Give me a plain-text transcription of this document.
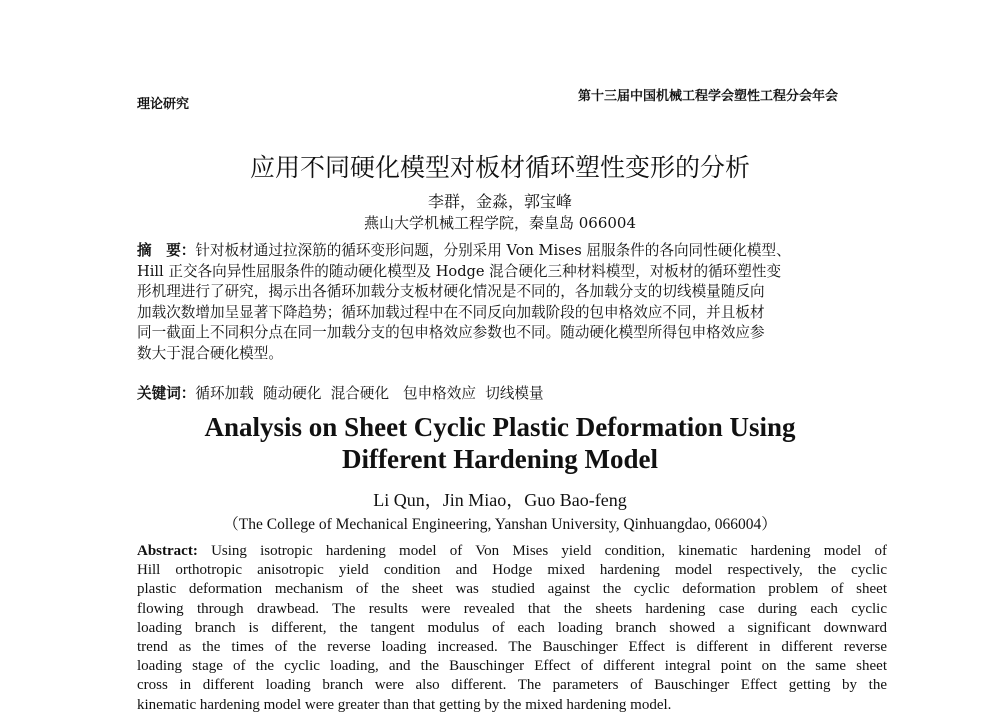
理论研究
第十三届中国机械工程学会塑性工程分会年会
应用不同硬化模型对板材循环塑性变形的分析
李群，金淼，郭宝峰
燕山大学机械工程学院，秦皇岛 066004
摘　要：针对板材通过拉深筋的循环变形问题，分别采用 Von Mises 屈服条件的各向同性硬化模型、
Hill 正交各向异性屈服条件的随动硬化模型及 Hodge 混合硬化三种材料模型，对板材的循环塑性变
形机理进行了研究，揭示出各循环加载分支板材硬化情况是不同的，各加载分支的切线模量随反向
加载次数增加呈显著下降趋势；循环加载过程中在不同反向加载阶段的包申格效应不同，并且板材
同一截面上不同积分点在同一加载分支的包申格效应参数也不同。随动硬化模型所得包申格效应参
数大于混合硬化模型。
关键词：循环加载  随动硬化  混合硬化   包申格效应  切线模量
Analysis on Sheet Cyclic Plastic Deformation Using Different Hardening Model
Li Qun，Jin Miao，Guo Bao-feng
（The College of Mechanical Engineering, Yanshan University, Qinhuangdao, 066004）
Abstract: Using isotropic hardening model of Von Mises yield condition, kinematic hardening model of
Hill orthotropic anisotropic yield condition and Hodge mixed hardening model respectively, the cyclic
plastic deformation mechanism of the sheet was studied against the cyclic deformation problem of sheet
flowing through drawbead. The results were revealed that the sheets hardening case during each cyclic
loading branch is different, the tangent modulus of each loading branch showed a significant downward
trend as the times of the reverse loading increased. The Bauschinger Effect is different in different reverse
loading stage of the cyclic loading, and the Bauschinger Effect of different integral point on the same sheet
cross in different loading branch were also different. The parameters of Bauschinger Effect getting by the
kinematic hardening model were greater than that getting by the mixed hardening model.
